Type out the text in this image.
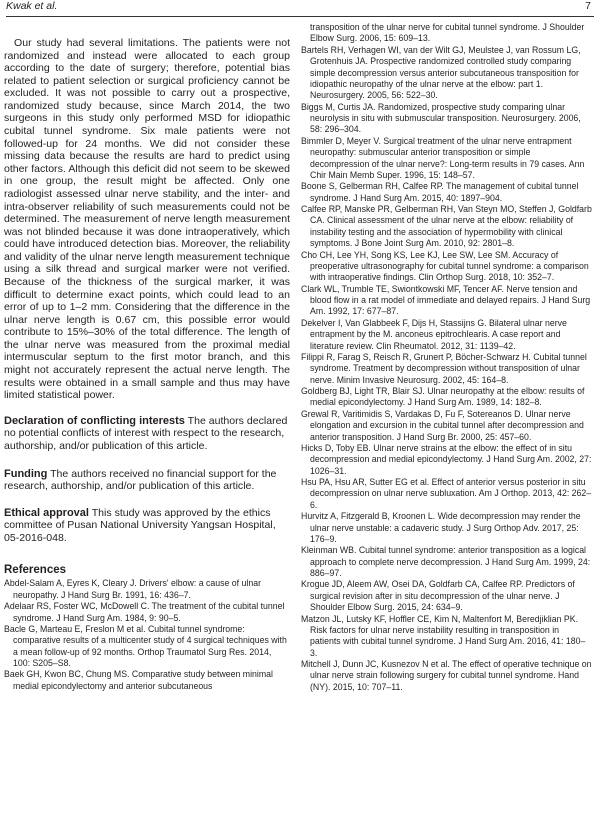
Kwak et al.	7

Our study had several limitations. The patients were not randomized and instead were allocated to each group according to the date of surgery; therefore, potential bias related to patient selection or surgical proficiency cannot be excluded. It was not possible to carry out a prospective, randomized study because, since March 2014, the two surgeons in this study only performed MSD for idiopathic cubital tunnel syndrome. Six male patients were not followed-up for 24 months. We did not consider these missing data because the results are hard to predict using other factors. Although this deficit did not seem to be skewed in one group, the result might be affected. Only one radiologist assessed ulnar nerve stability, and the inter- and intra-observer reliability of such measurements could not be determined. The measurement of nerve length measurement was not blinded because it was done intraoperatively, which could have introduced detection bias. Moreover, the reliability and validity of the ulnar nerve length measurement technique using a silk thread and surgical marker were not verified. Because of the thickness of the surgical marker, it was difficult to determine exact points, which could lead to an error of up to 1–2 mm. Considering that the difference in the ulnar nerve length is 0.67 cm, this possible error would contribute to 15%–30% of the total difference. The length of the ulnar nerve was measured from the proximal medial intermuscular septum to the first motor branch, and this might not accurately represent the actual nerve length. The results were obtained in a small sample and thus may have limited statistical power.

Declaration of conflicting interests The authors declared no potential conflicts of interest with respect to the research, authorship, and/or publication of this article.

Funding The authors received no financial support for the research, authorship, and/or publication of this article.

Ethical approval This study was approved by the ethics committee of Pusan National University Yangsan Hospital, 05-2016-048.

References

Abdel-Salam A, Eyres K, Cleary J. Drivers' elbow: a cause of ulnar neuropathy. J Hand Surg Br. 1991, 16: 436–7.

Adelaar RS, Foster WC, McDowell C. The treatment of the cubital tunnel syndrome. J Hand Surg Am. 1984, 9: 90–5.

Bacle G, Marteau E, Freslon M et al. Cubital tunnel syndrome: comparative results of a multicenter study of 4 surgical techniques with a mean follow-up of 92 months. Orthop Traumatol Surg Res. 2014, 100: S205–S8.

Baek GH, Kwon BC, Chung MS. Comparative study between minimal medial epicondylectomy and anterior subcutaneous

transposition of the ulnar nerve for cubital tunnel syndrome. J Shoulder Elbow Surg. 2006, 15: 609–13.

Bartels RH, Verhagen WI, van der Wilt GJ, Meulstee J, van Rossum LG, Grotenhuis JA. Prospective randomized controlled study comparing simple decompression versus anterior subcutaneous transposition for idiopathic neuropathy of the ulnar nerve at the elbow: part 1. Neurosurgery. 2005, 56: 522–30.

Biggs M, Curtis JA. Randomized, prospective study comparing ulnar neurolysis in situ with submuscular transposition. Neurosurgery. 2006, 58: 296–304.

Bimmler D, Meyer V. Surgical treatment of the ulnar nerve entrapment neuropathy: submuscular anterior transposition or simple decompression of the ulnar nerve?: Long-term results in 79 cases. Ann Chir Main Memb Super. 1996, 15: 148–57.

Boone S, Gelberman RH, Calfee RP. The management of cubital tunnel syndrome. J Hand Surg Am. 2015, 40: 1897–904.

Calfee RP, Manske PR, Gelberman RH, Van Steyn MO, Steffen J, Goldfarb CA. Clinical assessment of the ulnar nerve at the elbow: reliability of instability testing and the association of hypermobility with clinical symptoms. J Bone Joint Surg Am. 2010, 92: 2801–8.

Cho CH, Lee YH, Song KS, Lee KJ, Lee SW, Lee SM. Accuracy of preoperative ultrasonography for cubital tunnel syndrome: a comparison with intraoperative findings. Clin Orthop Surg. 2018, 10: 352–7.

Clark WL, Trumble TE, Swiontkowski MF, Tencer AF. Nerve tension and blood flow in a rat model of immediate and delayed repairs. J Hand Surg Am. 1992, 17: 677–87.

Dekelver I, Van Glabbeek F, Dijs H, Stassijns G. Bilateral ulnar nerve entrapment by the M. anconeus epitrochlearis. A case report and literature review. Clin Rheumatol. 2012, 31: 1139–42.

Filippi R, Farag S, Reisch R, Grunert P, Böcher-Schwarz H. Cubital tunnel syndrome. Treatment by decompression without transposition of ulnar nerve. Minim Invasive Neurosurg. 2002, 45: 164–8.

Goldberg BJ, Light TR, Blair SJ. Ulnar neuropathy at the elbow: results of medial epicondylectomy. J Hand Surg Am. 1989, 14: 182–8.

Grewal R, Varitimidis S, Vardakas D, Fu F, Sotereanos D. Ulnar nerve elongation and excursion in the cubital tunnel after decompression and anterior transposition. J Hand Surg Br. 2000, 25: 457–60.

Hicks D, Toby EB. Ulnar nerve strains at the elbow: the effect of in situ decompression and medial epicondylectomy. J Hand Surg Am. 2002, 27: 1026–31.

Hsu PA, Hsu AR, Sutter EG et al. Effect of anterior versus posterior in situ decompression on ulnar nerve subluxation. Am J Orthop. 2013, 42: 262–6.

Hurvitz A, Fitzgerald B, Kroonen L. Wide decompression may render the ulnar nerve unstable: a cadaveric study. J Surg Orthop Adv. 2017, 25: 176–9.

Kleinman WB. Cubital tunnel syndrome: anterior transposition as a logical approach to complete nerve decompression. J Hand Surg Am. 1999, 24: 886–97.

Krogue JD, Aleem AW, Osei DA, Goldfarb CA, Calfee RP. Predictors of surgical revision after in situ decompression of the ulnar nerve. J Shoulder Elbow Surg. 2015, 24: 634–9.

Matzon JL, Lutsky KF, Hoffler CE, Kim N, Maltenfort M, Beredjiklian PK. Risk factors for ulnar nerve instability resulting in transposition in patients with cubital tunnel syndrome. J Hand Surg Am. 2016, 41: 180–3.

Mitchell J, Dunn JC, Kusnezov N et al. The effect of operative technique on ulnar nerve strain following surgery for cubital tunnel syndrome. Hand (NY). 2015, 10: 707–11.
